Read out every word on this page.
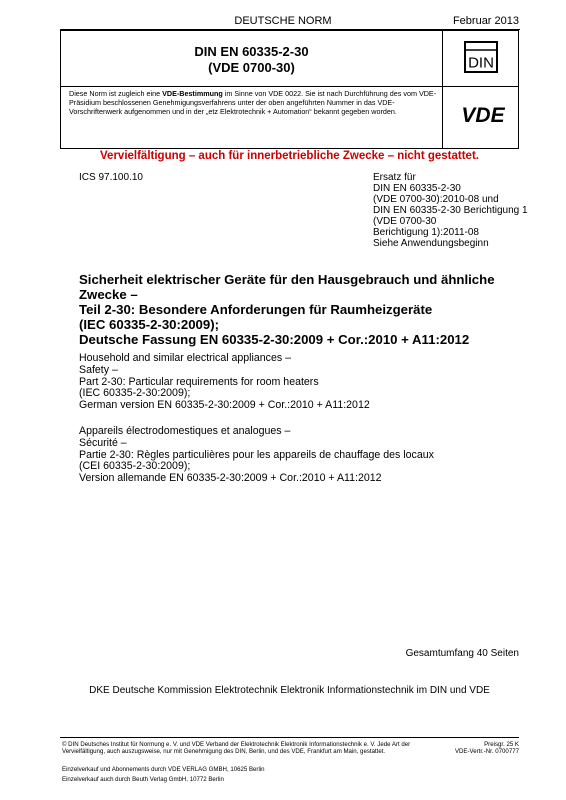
DEUTSCHE NORM	Februar 2013
DIN EN 60335-2-30
(VDE 0700-30)	DIN
Diese Norm ist zugleich eine VDE-Bestimmung im Sinne von VDE 0022. Sie ist nach Durchführung des vom VDE-Präsidium beschlossenen Genehmigungsverfahrens unter der oben angeführten Nummer in das VDE-Vorschriftenwerk aufgenommen und in der „etz Elektrotechnik + Automation“ bekannt gegeben worden.	VDE
Vervielfältigung – auch für innerbetriebliche Zwecke – nicht gestattet.
ICS 97.100.10	Ersatz für
DIN EN 60335-2-30
(VDE 0700-30):2010-08 und
DIN EN 60335-2-30 Berichtigung 1
(VDE 0700-30
Berichtigung 1):2011-08
Siehe Anwendungsbeginn
Sicherheit elektrischer Geräte für den Hausgebrauch und ähnliche
Zwecke –
Teil 2-30: Besondere Anforderungen für Raumheizgeräte
(IEC 60335-2-30:2009);
Deutsche Fassung EN 60335-2-30:2009 + Cor.:2010 + A11:2012
Household and similar electrical appliances –
Safety –
Part 2-30: Particular requirements for room heaters
(IEC 60335-2-30:2009);
German version EN 60335-2-30:2009 + Cor.:2010 + A11:2012
Appareils électrodomestiques et analogues –
Sécurité –
Partie 2-30: Règles particulières pour les appareils de chauffage des locaux
(CEI 60335-2-30:2009);
Version allemande EN 60335-2-30:2009 + Cor.:2010 + A11:2012
Gesamtumfang 40 Seiten
DKE Deutsche Kommission Elektrotechnik Elektronik Informationstechnik im DIN und VDE
© DIN Deutsches Institut für Normung e. V. und VDE Verband der Elektrotechnik Elektronik Informationstechnik e. V. Jede Art der Vervielfältigung, auch auszugsweise, nur mit Genehmigung des DIN, Berlin, und des VDE, Frankfurt am Main, gestattet.
Preisgr. 25 K
VDE-Vertr.-Nr. 0700777
Einzelverkauf und Abonnements durch VDE VERLAG GMBH, 10625 Berlin
Einzelverkauf auch durch Beuth Verlag GmbH, 10772 Berlin
